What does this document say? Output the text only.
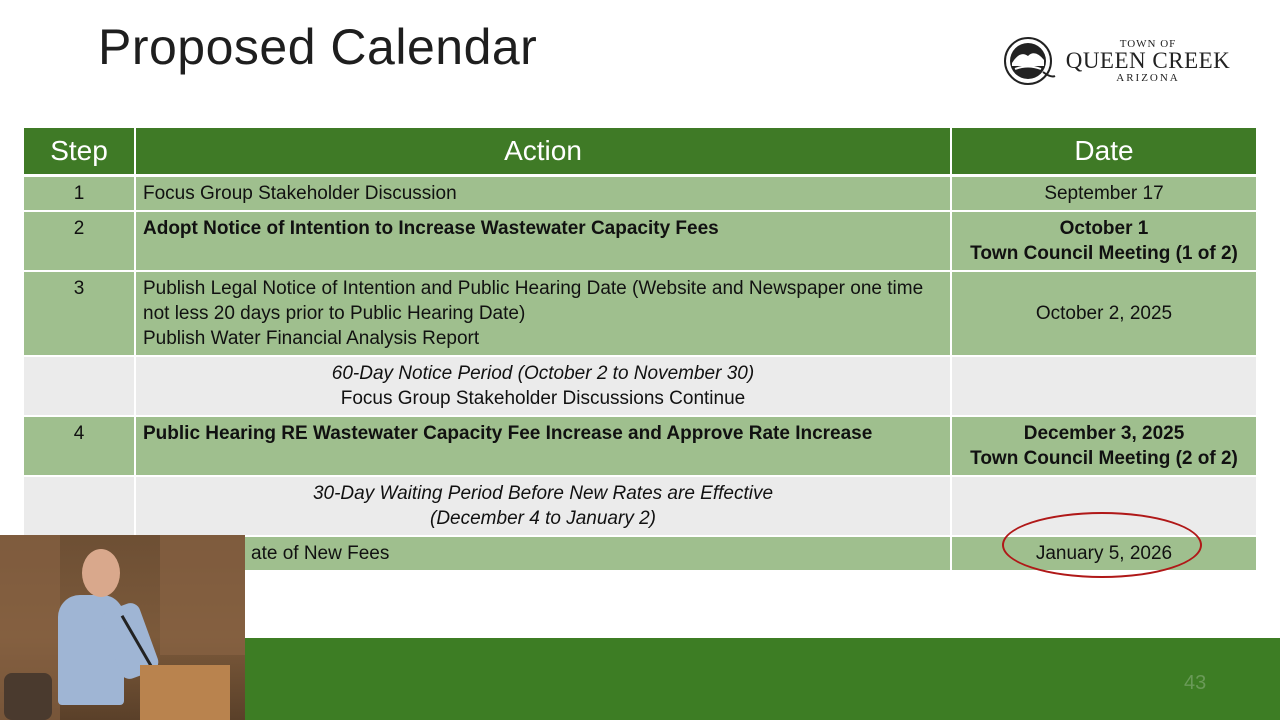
Proposed Calendar	TOWN OF
QUEEN CREEK
ARIZONA
Step	Action	Date
1	Focus Group Stakeholder Discussion	September 17

2	Adopt Notice of Intention to Increase Wastewater Capacity Fees	October 1
Town Council Meeting (1 of 2)

3	Publish Legal Notice of Intention and Public Hearing Date (Website and Newspaper one time not less 20 days prior to Public Hearing Date)
Publish Water Financial Analysis Report	October 2, 2025

	60-Day Notice Period (October 2 to November 30)
Focus Group Stakeholder Discussions Continue	

4	Public Hearing RE Wastewater Capacity Fee Increase and Approve Rate Increase	December 3, 2025
Town Council Meeting (2 of 2)

	30-Day Waiting Period Before New Rates are Effective
(December 4 to January 2)	

	ate of New Fees	January 5, 2026
43
